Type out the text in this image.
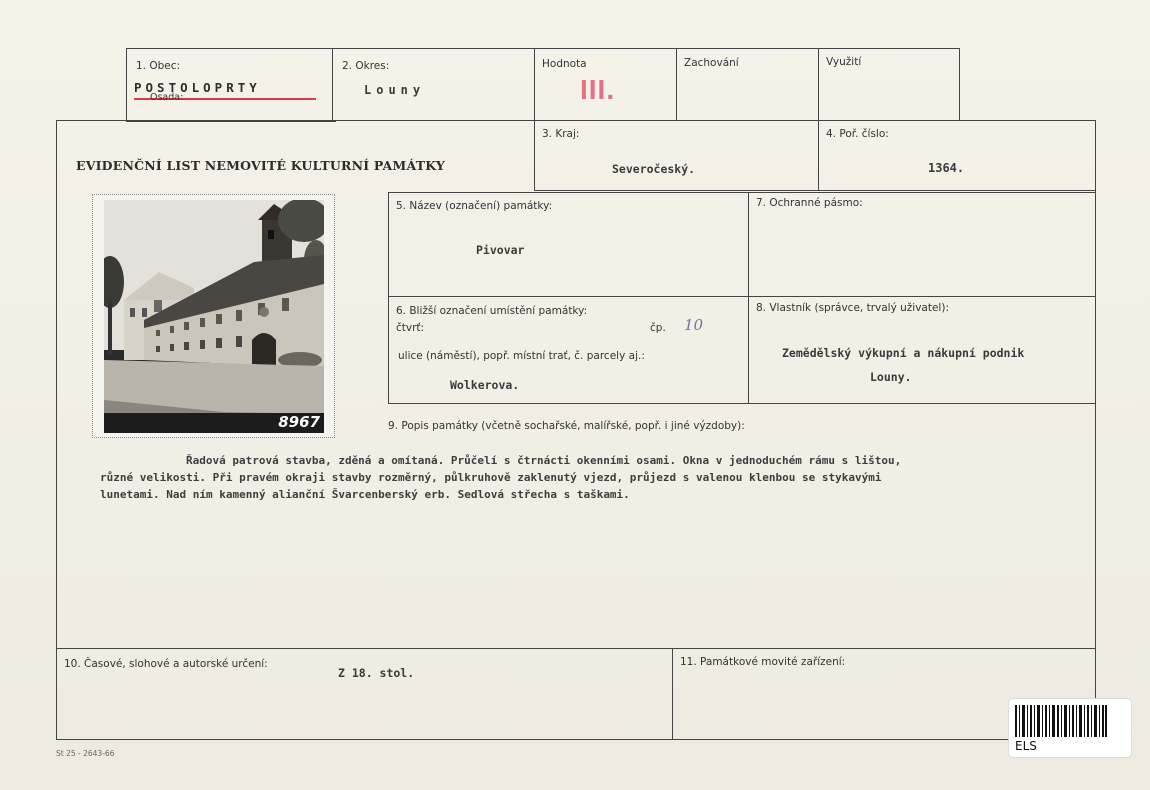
1. Obec:
POSTOLOPRTY
Osada:
2. Okres:
Louny
Hodnota
III.
Zachování	Využití
EVIDENČNÍ LIST NEMOVITÉ KULTURNÍ PAMÁTKY
3. Kraj:
Severočeský.
4. Poř. číslo:
1364.
8967
5. Název (označení) památky:
Pivovar
7. Ochranné pásmo:
6. Bližší označení umístění památky:
čtvrť:	čp. 10
ulice (náměstí), popř. místní trať, č. parcely aj.:
Wolkerova.
8. Vlastník (správce, trvalý uživatel):
Zemědělský výkupní a nákupní podnik
Louny.
9. Popis památky (včetně sochařské, malířské, popř. i jiné výzdoby):

Řadová patrová stavba, zděná a omítaná. Průčelí s čtrnácti okenními osami. Okna v jednoduchém rámu s lištou,

různé velikosti. Při pravém okraji stavby rozměrný, půlkruhově zaklenutý vjezd, průjezd s valenou klenbou se stykavými

lunetami. Nad ním kamenný alianční Švarcenberský erb. Sedlová střecha s taškami.

10. Časové, slohové a autorské určení:
Z 18. stol.
11. Památkové movité zařízení:
St 25 - 2643-66
ELS
